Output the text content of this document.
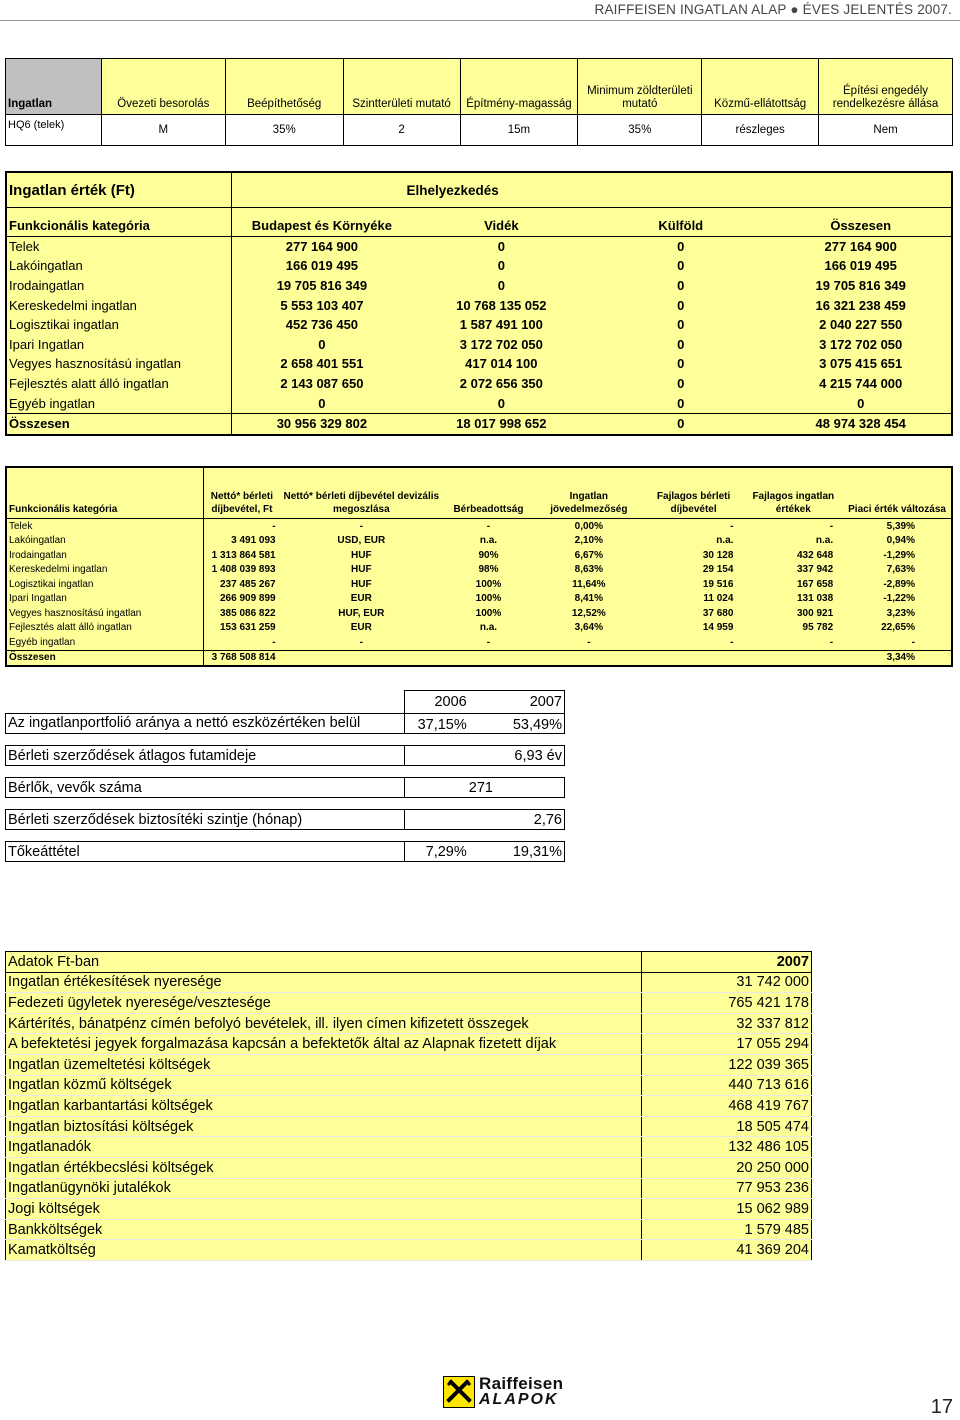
RAIFFEISEN INGATLAN ALAP ● ÉVES JELENTÉS 2007.
Ingatlan	Övezeti besorolás	Beépíthetőség	Szintterületi mutató	Építmény-magasság	Minimum zöldterületi mutató	Közmű-ellátottság	Építési engedély rendelkezésre állása
HQ6 (telek)	M	35%	2	15m	35%	részleges	Nem
Ingatlan érték (Ft)	Elhelyezkedés			

Funkcionális kategória	Budapest és Környéke	Vidék	Külföld	Összesen
Telek	277 164 900	0	0	277 164 900
Lakóingatlan	166 019 495	0	0	166 019 495
Irodaingatlan	19 705 816 349	0	0	19 705 816 349
Kereskedelmi ingatlan	5 553 103 407	10 768 135 052	0	16 321 238 459
Logisztikai ingatlan	452 736 450	1 587 491 100	0	2 040 227 550
Ipari Ingatlan	0	3 172 702 050	0	3 172 702 050
Vegyes hasznosítású ingatlan	2 658 401 551	417 014 100	0	3 075 415 651
Fejlesztés alatt álló ingatlan	2 143 087 650	2 072 656 350	0	4 215 744 000
Egyéb ingatlan	0	0	0	0
Összesen	30 956 329 802	18 017 998 652	0	48 974 328 454
Funkcionális kategória	Nettó* bérleti díjbevétel, Ft	Nettó* bérleti díjbevétel devizális megoszlása	Bérbeadottság	Ingatlan jövedelmezőség	Fajlagos bérleti díjbevétel	Fajlagos ingatlan értékek	Piaci érték változása
Telek	-	-	-	0,00%	-	-	5,39%
Lakóingatlan	3 491 093	USD, EUR	n.a.	2,10%	n.a.	n.a.	0,94%
Irodaingatlan	1 313 864 581	HUF	90%	6,67%	30 128	432 648	-1,29%
Kereskedelmi ingatlan	1 408 039 893	HUF	98%	8,63%	29 154	337 942	7,63%
Logisztikai ingatlan	237 485 267	HUF	100%	11,64%	19 516	167 658	-2,89%
Ipari Ingatlan	266 909 899	EUR	100%	8,41%	11 024	131 038	-1,22%
Vegyes hasznosítású ingatlan	385 086 822	HUF, EUR	100%	12,52%	37 680	300 921	3,23%
Fejlesztés alatt álló ingatlan	153 631 259	EUR	n.a.	3,64%	14 959	95 782	22,65%
Egyéb ingatlan	-	-	-	-	-	-	-
Összesen	3 768 508 814						3,34%
	2006	2007
Az ingatlanportfolió aránya a nettó eszközértéken belül	37,15%	53,49%

Bérleti szerződések átlagos futamideje		6,93 év

Bérlők, vevők száma		271

Bérleti szerződések biztosítéki szintje (hónap)		2,76

Tőkeáttétel	7,29%	19,31%
Adatok Ft-ban	2007
Ingatlan értékesítések nyeresége	31 742 000
Fedezeti ügyletek nyeresége/vesztesége	765 421 178
Kártérítés, bánatpénz címén befolyó bevételek, ill. ilyen címen kifizetett összegek	32 337 812
A befektetési jegyek forgalmazása kapcsán a befektetők által az Alapnak fizetett díjak	17 055 294
Ingatlan üzemeltetési költségek	122 039 365
Ingatlan közmű költségek	440 713 616
Ingatlan karbantartási költségek	468 419 767
Ingatlan biztosítási költségek	18 505 474
Ingatlanadók	132 486 105
Ingatlan értékbecslési költségek	20 250 000
Ingatlanügynöki jutalékok	77 953 236
Jogi költségek	15 062 989
Bankköltségek	1 579 485
Kamatköltség	41 369 204
Raiffeisen
ALAPOK	17
